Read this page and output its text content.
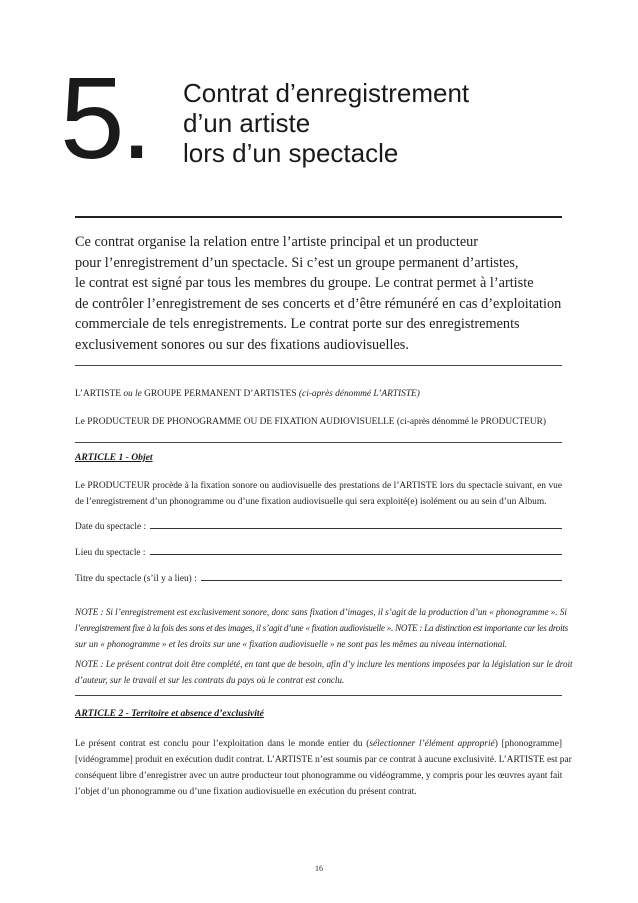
5. Contrat d’enregistrement
d’un artiste
lors d’un spectacle
Ce contrat organise la relation entre l’artiste principal et un producteur
pour l’enregistrement d’un spectacle. Si c’est un groupe permanent d’artistes,
le contrat est signé par tous les membres du groupe. Le contrat permet à l’artiste
de contrôler l’enregistrement de ses concerts et d’être rémunéré en cas d’exploitation
commerciale de tels enregistrements. Le contrat porte sur des enregistrements
exclusivement sonores ou sur des fixations audiovisuelles.
L’ARTISTE ou le GROUPE PERMANENT D’ARTISTES (ci-après dénommé L’ARTISTE)
Le PRODUCTEUR DE PHONOGRAMME OU DE FIXATION AUDIOVISUELLE (ci-après dénommé le PRODUCTEUR)
ARTICLE 1 - Objet
Le PRODUCTEUR procède à la fixation sonore ou audiovisuelle des prestations de l’ARTISTE lors du spectacle suivant, en vue
de l’enregistrement d’un phonogramme ou d’une fixation audiovisuelle qui sera exploité(e) isolément ou au sein d’un Album.
Date du spectacle :
Lieu du spectacle :
Titre du spectacle (s’il y a lieu) :
NOTE : Si l’enregistrement est exclusivement sonore, donc sans fixation d’images, il s’agit de la production d’un « phonogramme ». Si
l’enregistrement fixe à la fois des sons et des images, il s’agit d’une « fixation audiovisuelle ». NOTE : La distinction est importante car les droits
sur un « phonogramme » et les droits sur une « fixation audiovisuelle » ne sont pas les mêmes au niveau international.
NOTE : Le présent contrat doit être complété, en tant que de besoin, afin d’y inclure les mentions imposées par la législation sur le droit
d’auteur, sur le travail et sur les contrats du pays où le contrat est conclu.
ARTICLE 2 - Territoire et absence d’exclusivité
Le présent contrat est conclu pour l’exploitation dans le monde entier du (sélectionner l’élément approprié) [phonogramme]
[vidéogramme] produit en exécution dudit contrat. L’ARTISTE n’est soumis par ce contrat à aucune exclusivité. L’ARTISTE est par
conséquent libre d’enregistrer avec un autre producteur tout phonogramme ou vidéogramme, y compris pour les œuvres ayant fait
l’objet d’un phonogramme ou d’une fixation audiovisuelle en exécution du présent contrat.
16
